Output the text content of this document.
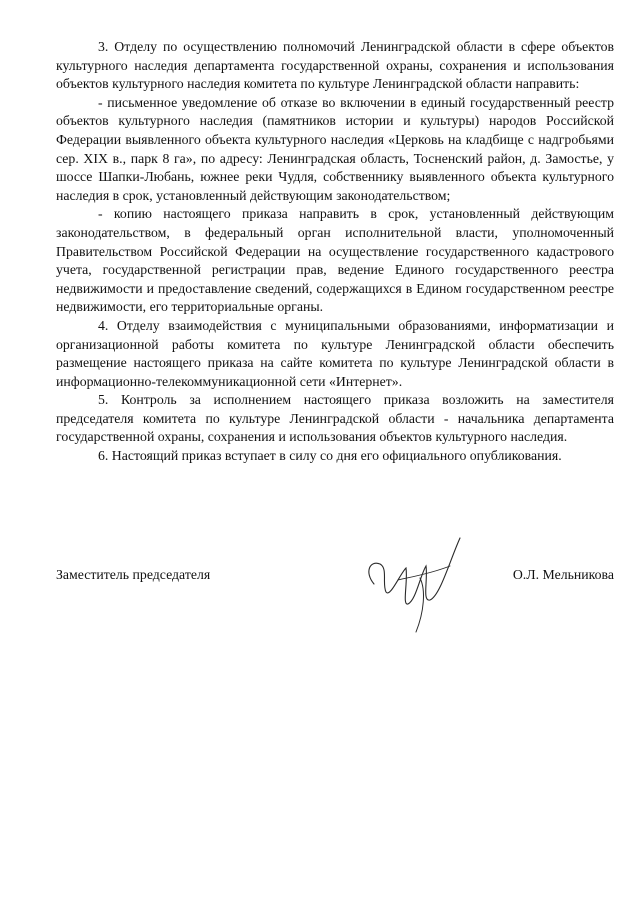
3. Отделу по осуществлению полномочий Ленинградской области в сфере объектов культурного наследия департамента государственной охраны, сохранения и использования объектов культурного наследия комитета по культуре Ленинградской области направить:

- письменное уведомление об отказе во включении в единый государственный реестр объектов культурного наследия (памятников истории и культуры) народов Российской Федерации выявленного объекта культурного наследия «Церковь на кладбище с надгробьями сер. XIX в., парк 8 га», по адресу: Ленинградская область, Тосненский район, д. Замостье, у шоссе Шапки-Любань, южнее реки Чудля, собственнику выявленного объекта культурного наследия в срок, установленный действующим законодательством;

- копию настоящего приказа направить в срок, установленный действующим законодательством, в федеральный орган исполнительной власти, уполномоченный Правительством Российской Федерации на осуществление государственного кадастрового учета, государственной регистрации прав, ведение Единого государственного реестра недвижимости и предоставление сведений, содержащихся в Едином государственном реестре недвижимости, его территориальные органы.

4. Отделу взаимодействия с муниципальными образованиями, информатизации и организационной работы комитета по культуре Ленинградской области обеспечить размещение настоящего приказа на сайте комитета по культуре Ленинградской области в информационно-телекоммуникационной сети «Интернет».

5. Контроль за исполнением настоящего приказа возложить на заместителя председателя комитета по культуре Ленинградской области - начальника департамента государственной охраны, сохранения и использования объектов культурного наследия.

6. Настоящий приказ вступает в силу со дня его официального опубликования.

Заместитель председателя	О.Л. Мельникова
